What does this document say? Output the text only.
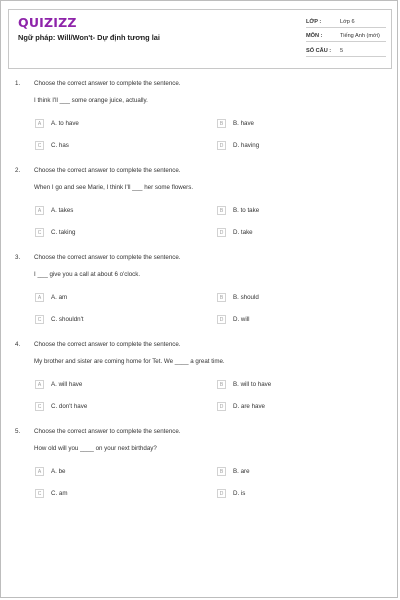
QUIZIZZ
Ngữ pháp: Will/Won't- Dự định tương lai
LỚP :	Lớp 6
MÔN :	Tiếng Anh (mới)
SỐ CÂU : 5
1. Choose the correct answer to complete the sentence.
I think I'll ___ some orange juice, actually.
A	A. to have	B	B. have
C	C. has	D	D. having
2. Choose the correct answer to complete the sentence.
When I go and see Marie, I think I'll ___ her some flowers.
A	A. takes	B	B. to take
C	C. taking	D	D. take
3. Choose the correct answer to complete the sentence.
I ___ give you a call at about 6 o'clock.
A	A. am	B	B. should
C	C. shouldn't	D	D. will
4. Choose the correct answer to complete the sentence.
My brother and sister are coming home for Tet. We ____ a great time.
A	A. will have	B	B. will to have
C	C. don't have	D	D. are have
5. Choose the correct answer to complete the sentence.
How old will you ____ on your next birthday?
A	A. be	B	B. are
C	C. am	D	D. is
